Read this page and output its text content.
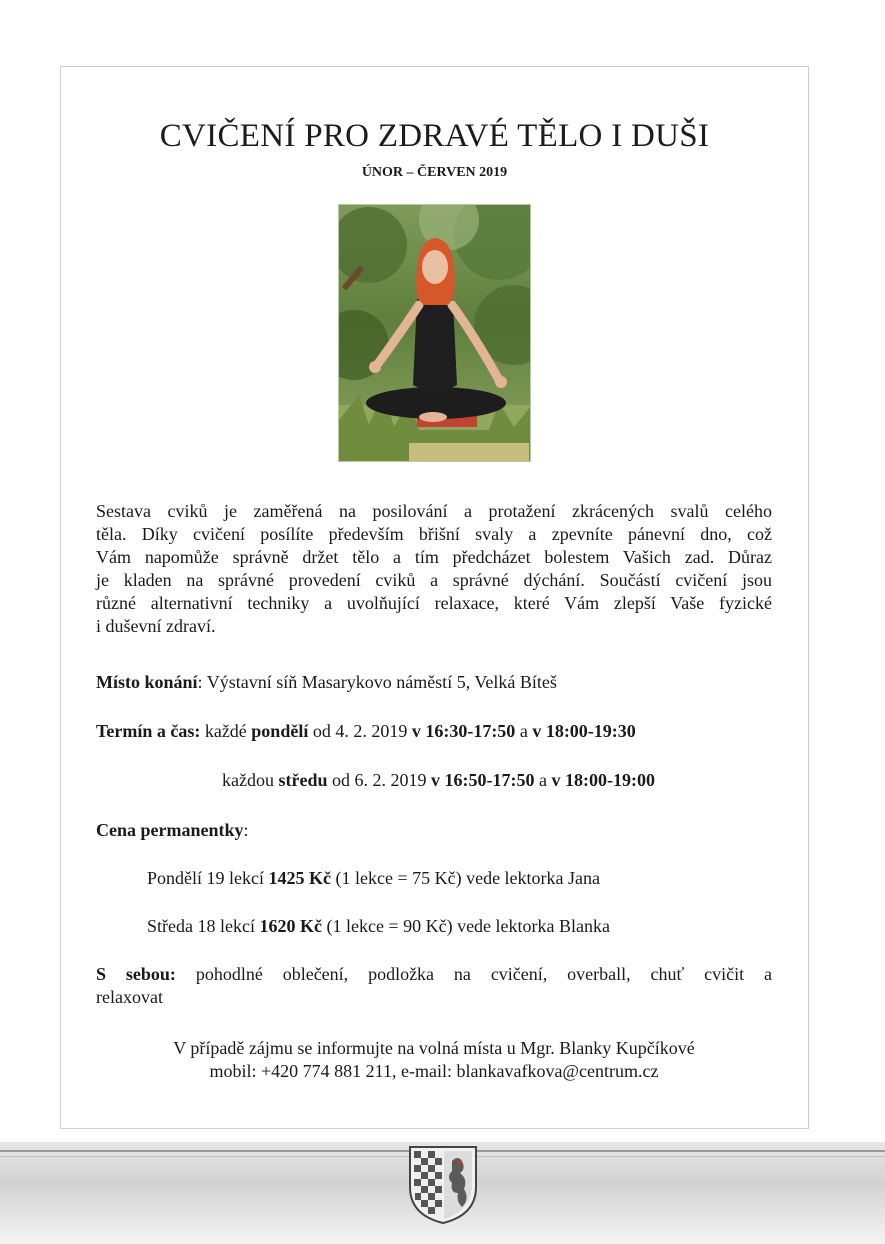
CVIČENÍ PRO ZDRAVÉ TĚLO I DUŠI
ÚNOR – ČERVEN 2019
Sestava cviků je zaměřená na posilování a protažení zkrácených svalů celého
těla. Díky cvičení posílíte především břišní svaly a zpevníte pánevní dno, což
Vám napomůže správně držet tělo a tím předcházet bolestem Vašich zad. Důraz
je kladen na správné provedení cviků a správné dýchání. Součástí cvičení jsou
různé alternativní techniky a uvolňující relaxace, které Vám zlepší Vaše fyzické
i duševní zdraví.
Místo konání: Výstavní síň Masarykovo náměstí 5, Velká Bíteš
Termín a čas: každé pondělí od 4. 2. 2019 v 16:30-17:50 a v 18:00-19:30
každou středu od 6. 2. 2019 v 16:50-17:50 a v 18:00-19:00
Cena permanentky:
Pondělí 19 lekcí 1425 Kč (1 lekce = 75 Kč) vede lektorka Jana
Středa 18 lekcí 1620 Kč (1 lekce = 90 Kč) vede lektorka Blanka
S sebou: pohodlné oblečení, podložka na cvičení, overball, chuť cvičit a
relaxovat
V případě zájmu se informujte na volná místa u Mgr. Blanky Kupčíkové
mobil: +420 774 881 211, e-mail: blankavafkova@centrum.cz
